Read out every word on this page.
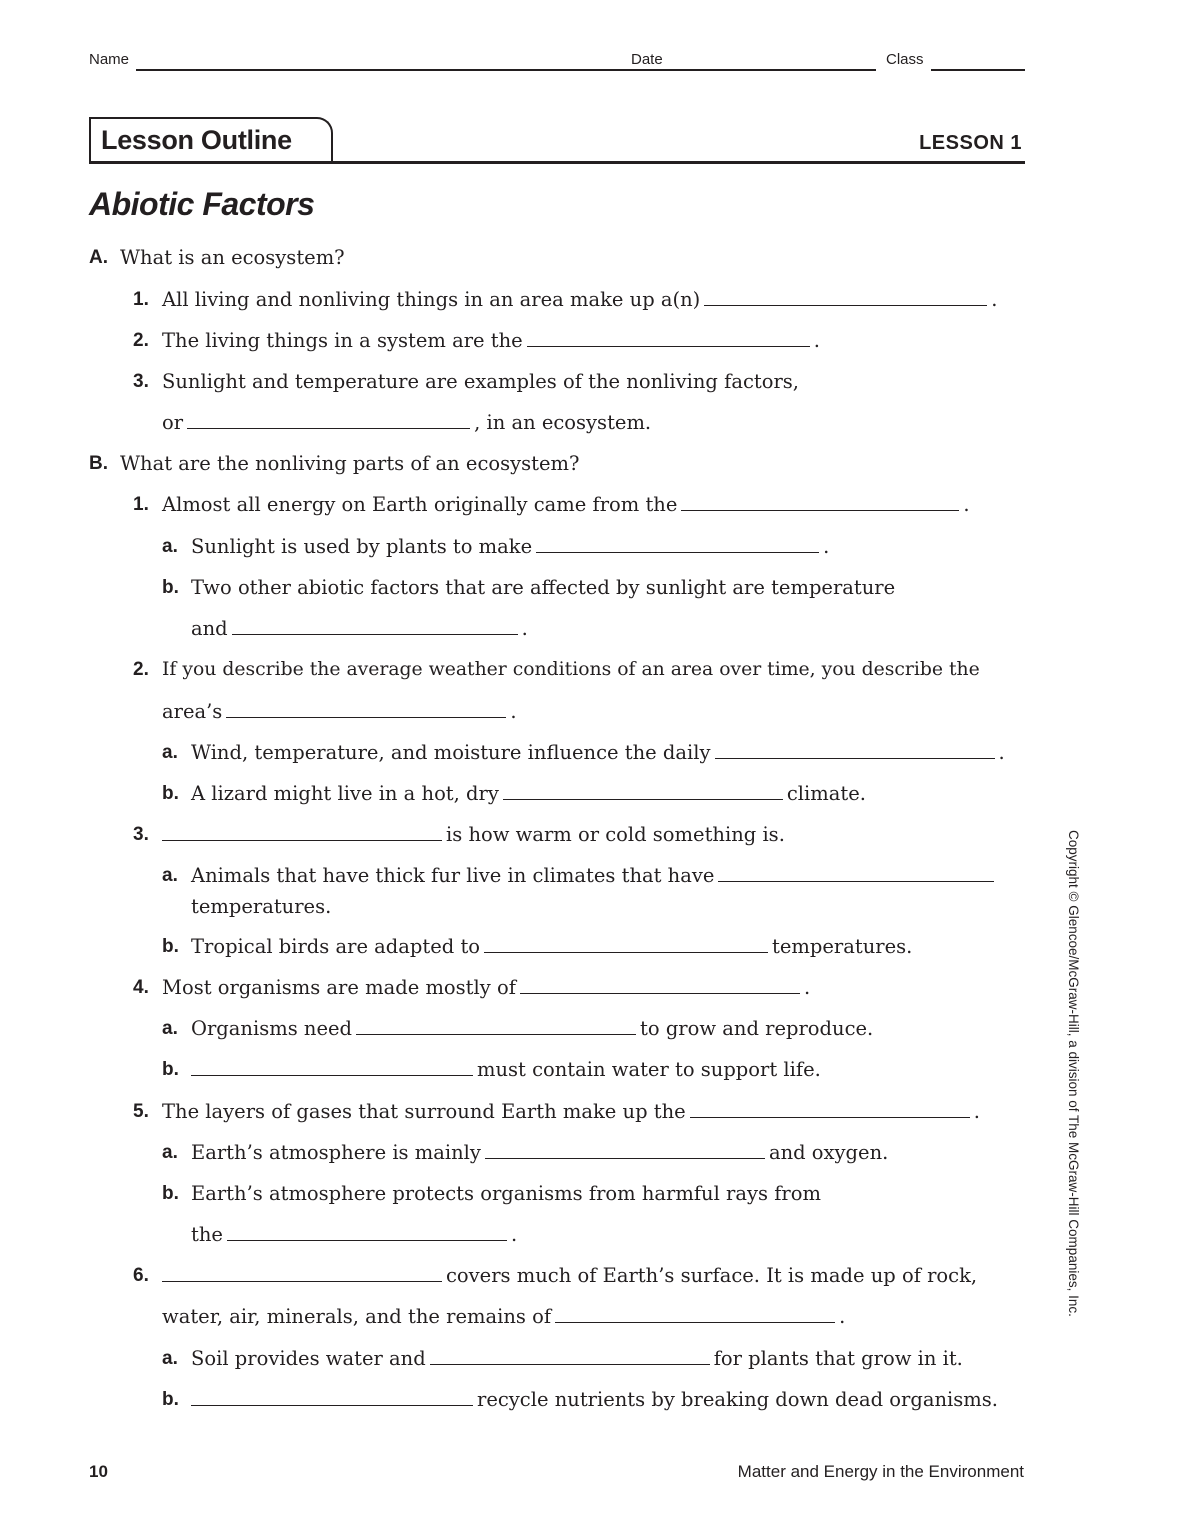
Name	Date	Class
Lesson Outline	LESSON 1
Abiotic Factors
A. What is an ecosystem?
1. All living and nonliving things in an area make up a(n)	.
2. The living things in a system are the	.
3. Sunlight and temperature are examples of the nonliving factors,
or	, in an ecosystem.
B. What are the nonliving parts of an ecosystem?
1. Almost all energy on Earth originally came from the	.
a. Sunlight is used by plants to make	.
b. Two other abiotic factors that are affected by sunlight are temperature
and	.
2. If you describe the average weather conditions of an area over time, you describe the
area’s	.
a. Wind, temperature, and moisture influence the daily	.
b. A lizard might live in a hot, dry	climate.
3.	is how warm or cold something is.
a. Animals that have thick fur live in climates that have
temperatures.
b. Tropical birds are adapted to	temperatures.
4. Most organisms are made mostly of	.
a. Organisms need	to grow and reproduce.
b.	must contain water to support life.
5. The layers of gases that surround Earth make up the	.
a. Earth’s atmosphere is mainly	and oxygen.
b. Earth’s atmosphere protects organisms from harmful rays from
the	.
6.	covers much of Earth’s surface. It is made up of rock,
water, air, minerals, and the remains of	.
a. Soil provides water and	for plants that grow in it.
b.	recycle nutrients by breaking down dead organisms.
Copyright © Glencoe/McGraw-Hill, a division of The McGraw-Hill Companies, Inc.
10	Matter and Energy in the Environment
